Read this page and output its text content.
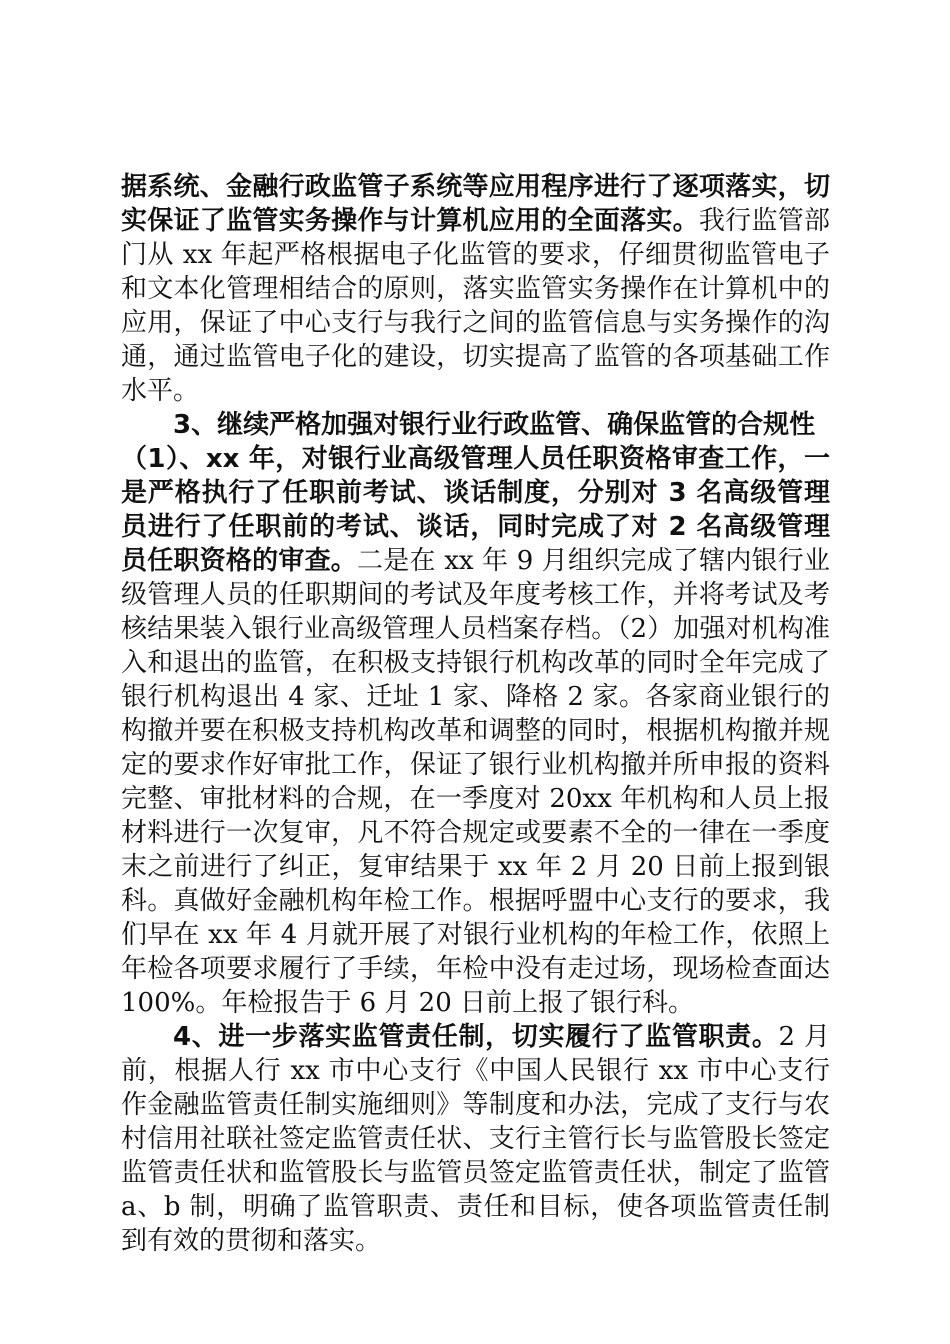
据系统、金融行政监管子系统等应用程序进行了逐项落实，切
实保证了监管实务操作与计算机应用的全面落实。我行监管部
门从 xx 年起严格根据电子化监管的要求，仔细贯彻监管电子
和文本化管理相结合的原则，落实监管实务操作在计算机中的
应用，保证了中心支行与我行之间的监管信息与实务操作的沟
通，通过监管电子化的建设，切实提高了监管的各项基础工作
水平。
3、继续严格加强对银行业行政监管、确保监管的合规性
（1）、xx 年，对银行业高级管理人员任职资格审查工作，一
是严格执行了任职前考试、谈话制度，分别对 3 名高级管理
员进行了任职前的考试、谈话，同时完成了对 2 名高级管理
员任职资格的审查。二是在 xx 年 9 月组织完成了辖内银行业
级管理人员的任职期间的考试及年度考核工作，并将考试及考
核结果装入银行业高级管理人员档案存档。（2）加强对机构准
入和退出的监管，在积极支持银行机构改革的同时全年完成了
银行机构退出 4 家、迁址 1 家、降格 2 家。各家商业银行的
构撤并要在积极支持机构改革和调整的同时，根据机构撤并规
定的要求作好审批工作，保证了银行业机构撤并所申报的资料
完整、审批材料的合规，在一季度对 20xx 年机构和人员上报
材料进行一次复审，凡不符合规定或要素不全的一律在一季度
末之前进行了纠正，复审结果于 xx 年 2 月 20 日前上报到银
科。真做好金融机构年检工作。根据呼盟中心支行的要求，我
们早在 xx 年 4 月就开展了对银行业机构的年检工作，依照上
年检各项要求履行了手续，年检中没有走过场，现场检查面达
100%。年检报告于 6 月 20 日前上报了银行科。
4、进一步落实监管责任制，切实履行了监管职责。2 月
前，根据人行 xx 市中心支行《中国人民银行 xx 市中心支行
作金融监管责任制实施细则》等制度和办法，完成了支行与农
村信用社联社签定监管责任状、支行主管行长与监管股长签定
监管责任状和监管股长与监管员签定监管责任状，制定了监管
a、b 制，明确了监管职责、责任和目标，使各项监管责任制
到有效的贯彻和落实。
